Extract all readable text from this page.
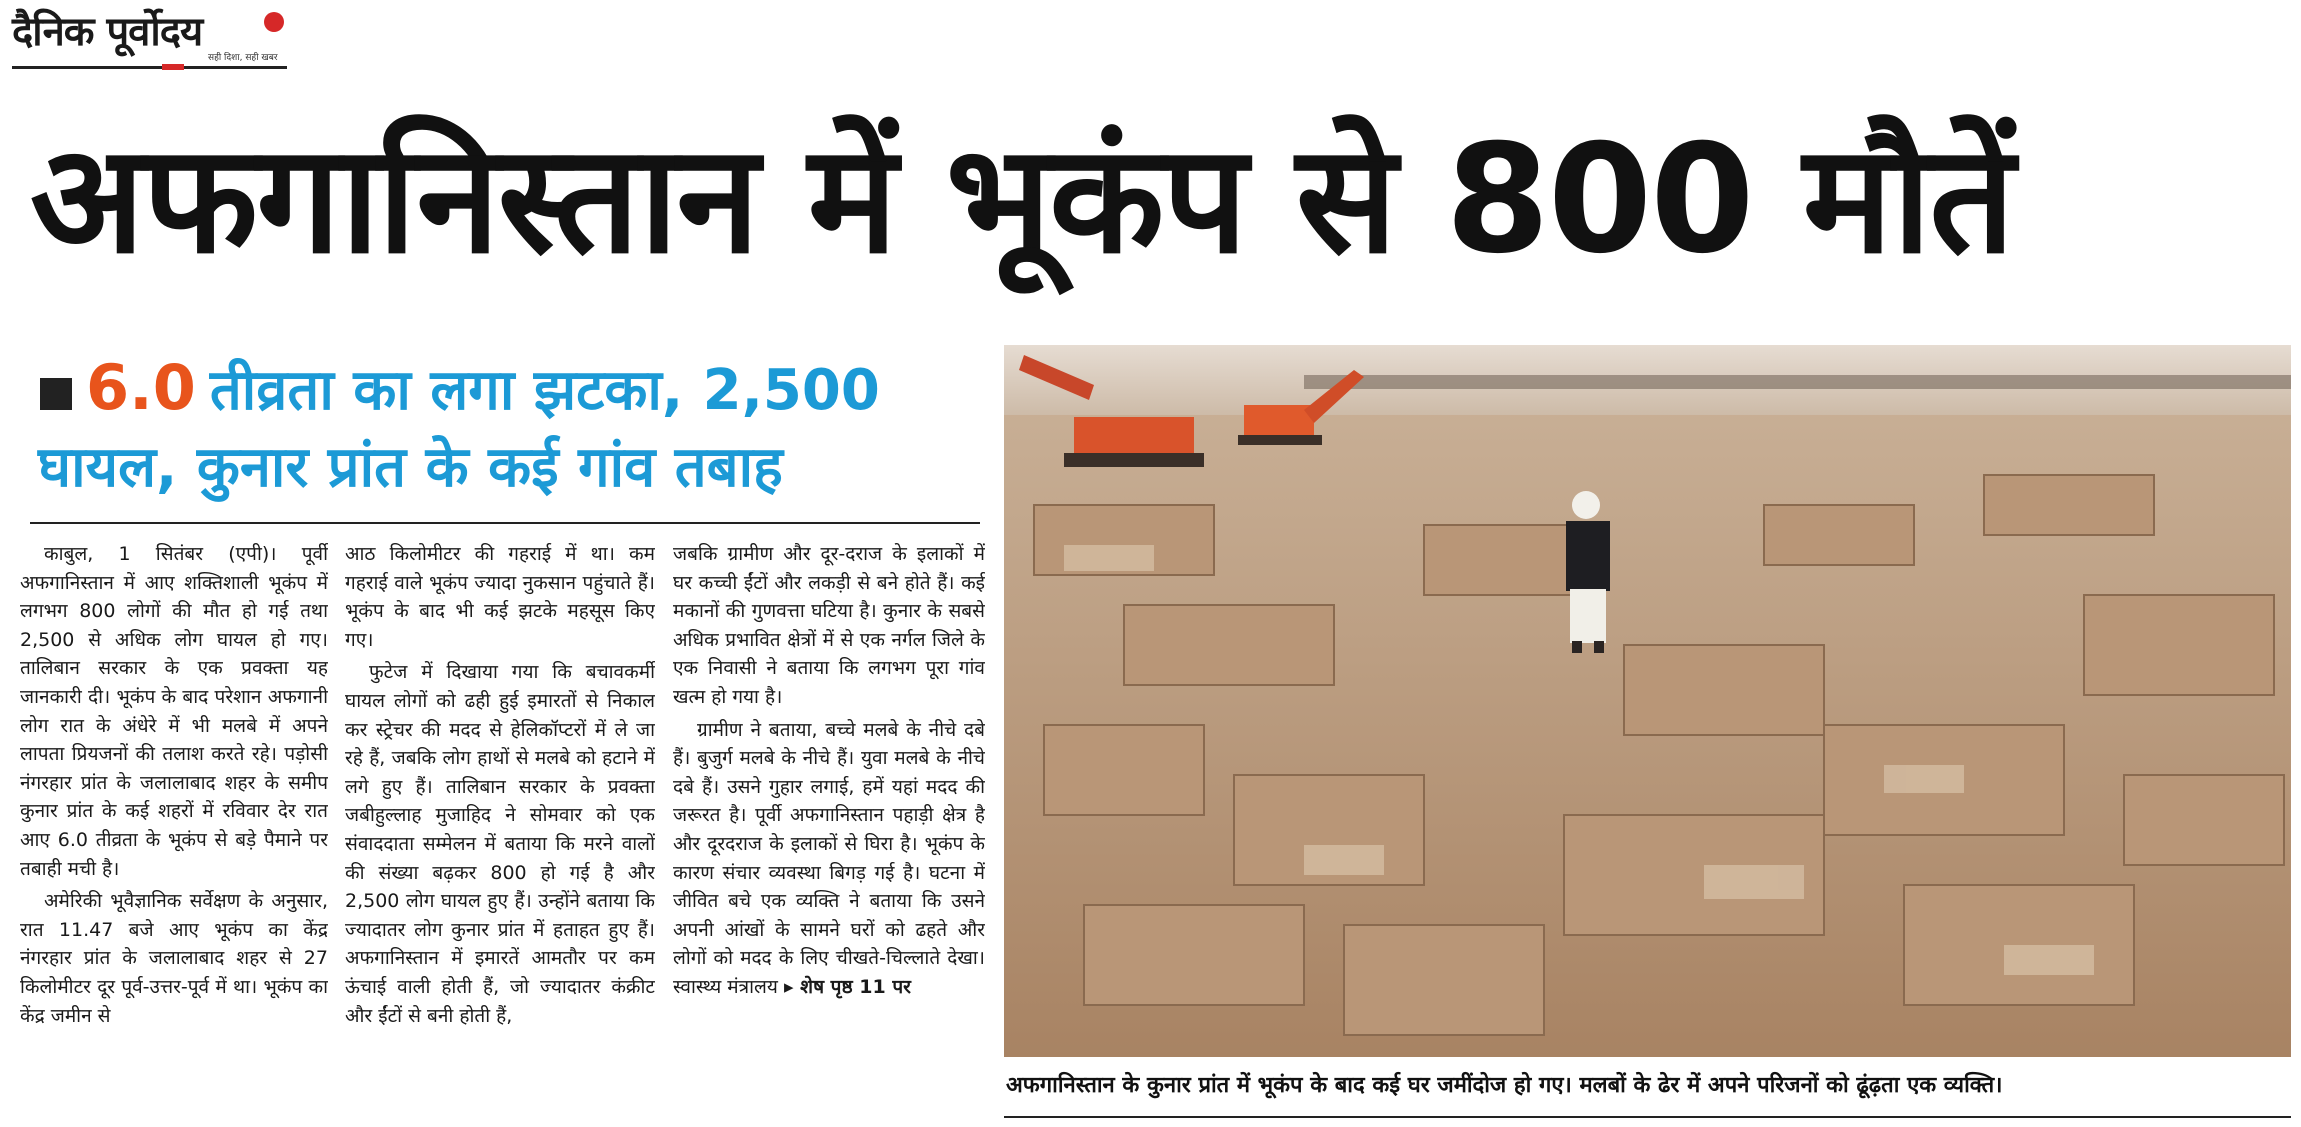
दैनिक पूर्वोदय
सही दिशा, सही खबर
अफगानिस्तान में भूकंप से 800 मौतें
6.0 तीव्रता का लगा झटका, 2,500
घायल, कुनार प्रांत के कई गांव तबाह

काबुल, 1 सितंबर (एपी)। पूर्वी अफगानिस्तान में आए शक्तिशाली भूकंप में लगभग 800 लोगों की मौत हो गई तथा 2,500 से अधिक लोग घायल हो गए। तालिबान सरकार के एक प्रवक्ता यह जानकारी दी। भूकंप के बाद परेशान अफगानी लोग रात के अंधेरे में भी मलबे में अपने लापता प्रियजनों की तलाश करते रहे। पड़ोसी नंगरहार प्रांत के जलालाबाद शहर के समीप कुनार प्रांत के कई शहरों में रविवार देर रात आए 6.0 तीव्रता के भूकंप से बड़े पैमाने पर तबाही मची है।

अमेरिकी भूवैज्ञानिक सर्वेक्षण के अनुसार, रात 11.47 बजे आए भूकंप का केंद्र नंगरहार प्रांत के जलालाबाद शहर से 27 किलोमीटर दूर पूर्व-उत्तर-पूर्व में था। भूकंप का केंद्र जमीन से

आठ किलोमीटर की गहराई में था। कम गहराई वाले भूकंप ज्यादा नुकसान पहुंचाते हैं। भूकंप के बाद भी कई झटके महसूस किए गए।

फुटेज में दिखाया गया कि बचावकर्मी घायल लोगों को ढही हुई इमारतों से निकाल कर स्ट्रेचर की मदद से हेलिकॉप्टरों में ले जा रहे हैं, जबकि लोग हाथों से मलबे को हटाने में लगे हुए हैं। तालिबान सरकार के प्रवक्ता जबीहुल्लाह मुजाहिद ने सोमवार को एक संवाददाता सम्मेलन में बताया कि मरने वालों की संख्या बढ़कर 800 हो गई है और 2,500 लोग घायल हुए हैं। उन्होंने बताया कि ज्यादातर लोग कुनार प्रांत में हताहत हुए हैं। अफगानिस्तान में इमारतें आमतौर पर कम ऊंचाई वाली होती हैं, जो ज्यादातर कंक्रीट और ईंटों से बनी होती हैं,

जबकि ग्रामीण और दूर-दराज के इलाकों में घर कच्ची ईंटों और लकड़ी से बने होते हैं। कई मकानों की गुणवत्ता घटिया है। कुनार के सबसे अधिक प्रभावित क्षेत्रों में से एक नर्गल जिले के एक निवासी ने बताया कि लगभग पूरा गांव खत्म हो गया है।

ग्रामीण ने बताया, बच्चे मलबे के नीचे दबे हैं। बुजुर्ग मलबे के नीचे हैं। युवा मलबे के नीचे दबे हैं। उसने गुहार लगाई, हमें यहां मदद की जरूरत है। पूर्वी अफगानिस्तान पहाड़ी क्षेत्र है और दूरदराज के इलाकों से घिरा है। भूकंप के कारण संचार व्यवस्था बिगड़ गई है। घटना में जीवित बचे एक व्यक्ति ने बताया कि उसने अपनी आंखों के सामने घरों को ढहते और लोगों को मदद के लिए चीखते-चिल्लाते देखा। स्वास्थ्य मंत्रालय ▸ शेष पृष्ठ 11 पर

अफगानिस्तान के कुनार प्रांत में भूकंप के बाद कई घर जमींदोज हो गए। मलबों के ढेर में अपने परिजनों को ढूंढ़ता एक व्यक्ति।
